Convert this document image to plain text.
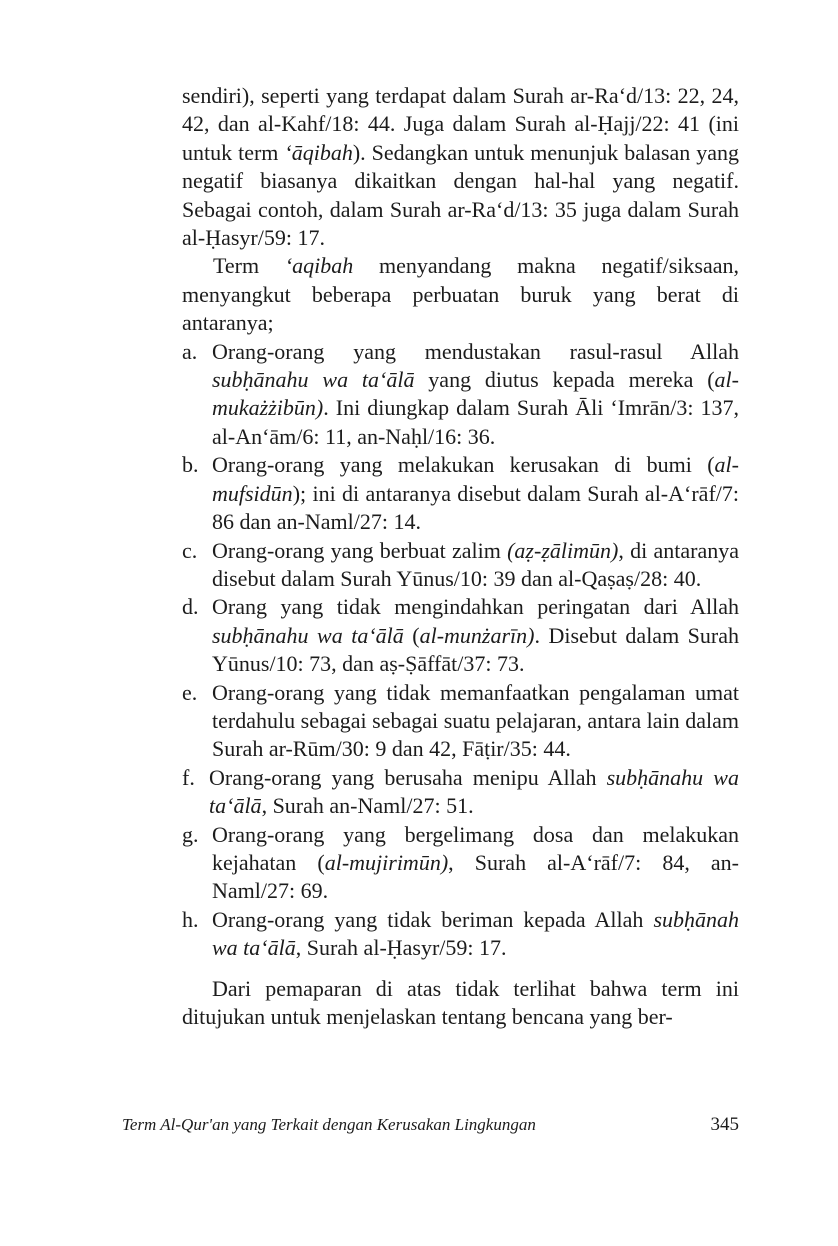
sendiri), seperti yang terdapat dalam Surah ar-Ra‘d/13: 22, 24, 42, dan al-Kahf/18: 44. Juga dalam Surah al-Ḥajj/22: 41 (ini untuk term ‘āqibah). Sedangkan untuk menunjuk balasan yang negatif biasanya dikaitkan dengan hal-hal yang negatif. Sebagai contoh, dalam Surah ar-Ra‘d/13: 35 juga dalam Surah al-Ḥasyr/59: 17.

Term ‘aqibah menyandang makna negatif/siksaan, menyangkut beberapa perbuatan buruk yang berat di antaranya;

a. Orang-orang yang mendustakan rasul-rasul Allah subḥānahu wa ta‘ālā yang diutus kepada mereka (al-mukażżibūn). Ini diungkap dalam Surah Āli ‘Imrān/3: 137, al-An‘ām/6: 11, an-Naḥl/16: 36.
b. Orang-orang yang melakukan kerusakan di bumi (al-mufsidūn); ini di antaranya disebut dalam Surah al-A‘rāf/7: 86 dan an-Naml/27: 14.
c. Orang-orang yang berbuat zalim (aẓ-ẓālimūn), di antaranya disebut dalam Surah Yūnus/10: 39 dan al-Qaṣaṣ/28: 40.
d. Orang yang tidak mengindahkan peringatan dari Allah subḥānahu wa ta‘ālā (al-munżarīn). Disebut dalam Surah Yūnus/10: 73, dan aṣ-Ṣāffāt/37: 73.
e. Orang-orang yang tidak memanfaatkan pengalaman umat terdahulu sebagai sebagai suatu pelajaran, antara lain dalam Surah ar-Rūm/30: 9 dan 42, Fāṭir/35: 44.
f. Orang-orang yang berusaha menipu Allah subḥānahu wa ta‘ālā, Surah an-Naml/27: 51.
g. Orang-orang yang bergelimang dosa dan melakukan kejahatan (al-mujirimūn), Surah al-A‘rāf/7: 84, an-Naml/27: 69.
h. Orang-orang yang tidak beriman kepada Allah subḥānah wa ta‘ālā, Surah al-Ḥasyr/59: 17.

Dari pemaparan di atas tidak terlihat bahwa term ini ditujukan untuk menjelaskan tentang bencana yang ber-

Term Al-Qur'an yang Terkait dengan Kerusakan Lingkungan	345
